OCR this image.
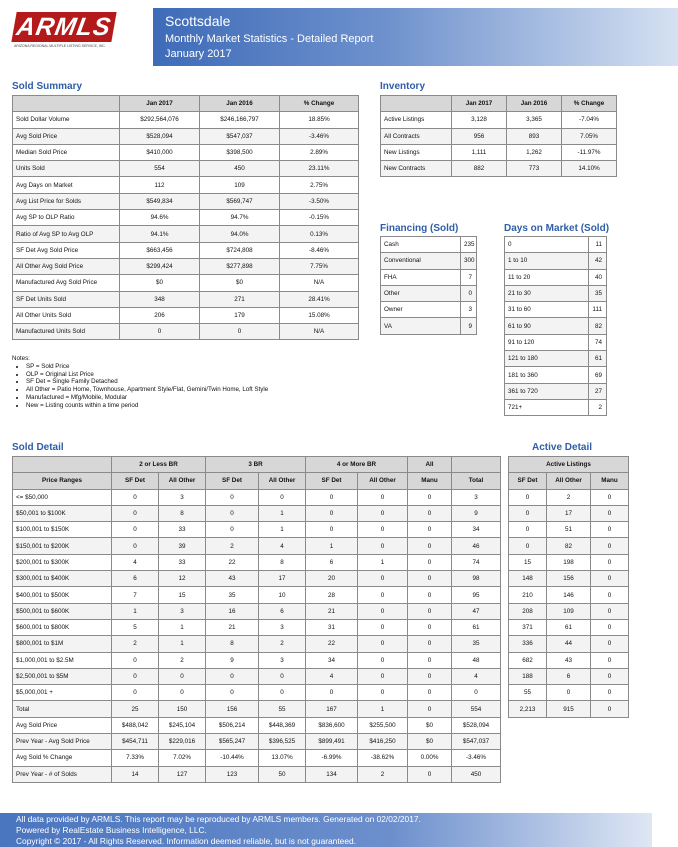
ARMLS
ARIZONA REGIONAL MULTIPLE LISTING SERVICE, INC.
Scottsdale
Monthly Market Statistics - Detailed Report
January 2017
Sold Summary
	Jan 2017	Jan 2016	% Change
Sold Dollar Volume	$292,564,076	$246,166,797	18.85%
Avg Sold Price	$528,094	$547,037	-3.46%
Median Sold Price	$410,000	$398,500	2.89%
Units Sold	554	450	23.11%
Avg Days on Market	112	109	2.75%
Avg List Price for Solds	$549,834	$569,747	-3.50%
Avg SP to OLP Ratio	94.6%	94.7%	-0.15%
Ratio of Avg SP to Avg OLP	94.1%	94.0%	0.13%
SF Det Avg Sold Price	$663,456	$724,808	-8.46%
All Other Avg Sold Price	$299,424	$277,898	7.75%
Manufactured Avg Sold Price	$0	$0	N/A
SF Det Units Sold	348	271	28.41%
All Other Units Sold	206	179	15.08%
Manufactured Units Sold	0	0	N/A
Inventory
	Jan 2017	Jan 2016	% Change
Active Listings	3,128	3,365	-7.04%
All Contracts	956	893	7.05%
New Listings	1,111	1,262	-11.97%
New Contracts	882	773	14.10%
Financing (Sold)
Cash	235
Conventional	300
FHA	7
Other	0
Owner	3
VA	9
Days on Market (Sold)
0	11
1 to 10	42
11 to 20	40
21 to 30	35
31 to 60	111
61 to 90	82
91 to 120	74
121 to 180	61
181 to 360	69
361 to 720	27
721+	2
Notes:
• SP = Sold Price
• OLP = Original List Price
• SF Det = Single Family Detached
• All Other = Patio Home, Townhouse, Apartment Style/Flat, Gemini/Twin Home, Loft Style
• Manufactured = Mfg/Mobile, Modular
• New = Listing counts within a time period
Sold Detail
	2 or Less BR		3 BR		4 or More BR		All	
Price Ranges	SF Det	All Other	SF Det	All Other	SF Det	All Other	Manu	Total
<= $50,000	0	3	0	0	0	0	0	3
$50,001 to $100K	0	8	0	1	0	0	0	9
$100,001 to $150K	0	33	0	1	0	0	0	34
$150,001 to $200K	0	39	2	4	1	0	0	46
$200,001 to $300K	4	33	22	8	6	1	0	74
$300,001 to $400K	6	12	43	17	20	0	0	98
$400,001 to $500K	7	15	35	10	28	0	0	95
$500,001 to $600K	1	3	16	6	21	0	0	47
$600,001 to $800K	5	1	21	3	31	0	0	61
$800,001 to $1M	2	1	8	2	22	0	0	35
$1,000,001 to $2.5M	0	2	9	3	34	0	0	48
$2,500,001 to $5M	0	0	0	0	4	0	0	4
$5,000,001 +	0	0	0	0	0	0	0	0
Total	25	150	156	55	167	1	0	554
Avg Sold Price	$488,042	$245,104	$506,214	$448,369	$836,600	$255,500	$0	$528,094
Prev Year - Avg Sold Price	$454,711	$229,016	$565,247	$396,525	$899,491	$416,250	$0	$547,037
Avg Sold % Change	7.33%	7.02%	-10.44%	13.07%	-6.99%	-38.62%	0.00%	-3.46%
Prev Year - # of Solds	14	127	123	50	134	2	0	450
Active Detail
Active Listings		
SF Det	All Other	Manu
0	2	0
0	17	0
0	51	0
0	82	0
15	198	0
148	156	0
210	146	0
208	109	0
371	61	0
336	44	0
682	43	0
188	6	0
55	0	0
2,213	915	0
All data provided by ARMLS. This report may be reproduced by ARMLS members. Generated on 02/02/2017.
Powered by RealEstate Business Intelligence, LLC.
Copyright © 2017 - All Rights Reserved. Information deemed reliable, but is not guaranteed.
